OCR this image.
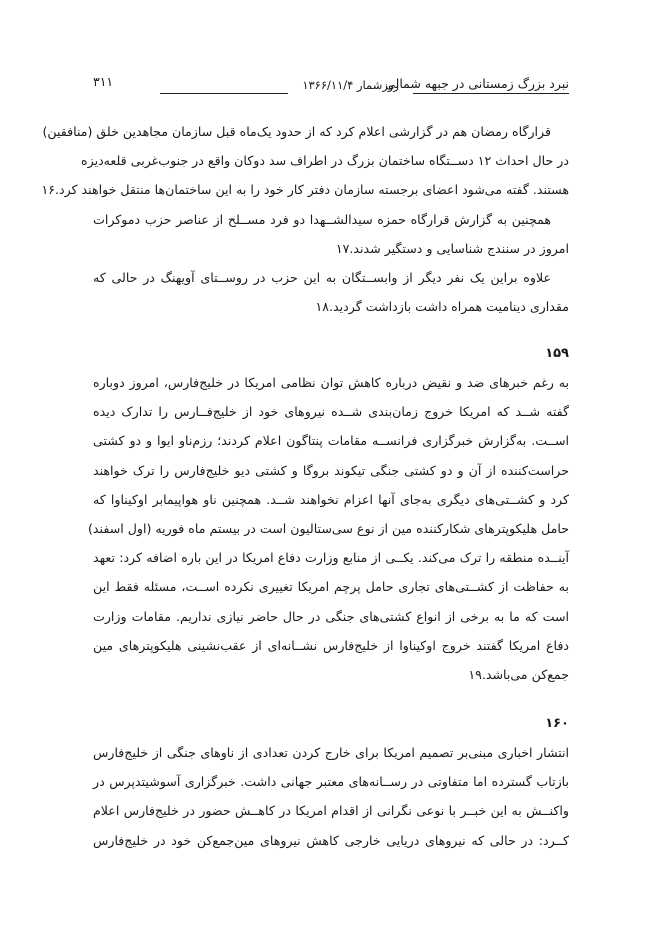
نبرد بزرگ زمستانی در جبهه شمالی
روزشمار ۱۳۶۶/۱۱/۴
۳۱۱
قرارگاه رمضان هم در گزارشی اعلام کرد که از حدود یک‌ماه قبل سازمان مجاهدین خلق (منافقین)
در حال احداث ۱۲ دســتگاه ساختمان بزرگ در اطراف سد دوکان واقع در جنوب‌غربی قلعه‌دیزه
هستند. گفته می‌شود اعضای برجسته سازمان دفتر کار خود را به این ساختمان‌ها منتقل خواهند کرد.۱۶
همچنین به گزارش قرارگاه حمزه سیدالشــهدا دو فرد مســلح از عناصر حزب دموکرات
امروز در سنندج شناسایی و دستگیر شدند.۱۷
علاوه براین یک نفر دیگر از وابســتگان به این حزب در روســتای آویهنگ در حالی که
مقداری دینامیت همراه داشت بازداشت گردید.۱۸
۱۵۹
به رغم خبرهای ضد و نقیض درباره کاهش توان نظامی امریکا در خلیج‌فارس، امروز دوباره
گفته شــد که امریکا خروج زمان‌بندی شــده نیروهای خود از خلیج‌فــارس را تدارک دیده
اســت. به‌گزارش خبرگزاری فرانســه مقامات پنتاگون اعلام کردند؛ رزم‌ناو ایوا و دو کشتی
حراست‌کننده از آن و دو کشتی جنگی تیکوند بروگا و کشتی دیو خلیج‌فارس را ترک خواهند
کرد و کشــتی‌های دیگری به‌جای آنها اعزام نخواهند شــد. همچنین ناو هواپیمابر اوکیناوا که
حامل هلیکوپترهای شکارکننده مین از نوع سی‌ستالیون است در بیستم ماه فوریه (اول اسفند)
آینــده منطقه را ترک می‌کند. یکــی از منابع وزارت دفاع امریکا در این باره اضافه کرد: تعهد
به حفاظت از کشــتی‌های تجاری حامل پرچم امریکا تغییری نکرده اســت، مسئله فقط این
است که ما به برخی از انواع کشتی‌های جنگی در حال حاضر نیازی نداریم. مقامات وزارت
دفاع امریکا گفتند خروج اوکیناوا از خلیج‌فارس نشــانه‌ای از عقب‌نشینی هلیکوپترهای مین
جمع‌کن می‌باشد.۱۹
۱۶۰
انتشار اخباری مبنی‌بر تصمیم امریکا برای خارج کردن تعدادی از ناوهای جنگی از خلیج‌فارس
بازتاب گسترده اما متفاوتی در رســانه‌های معتبر جهانی داشت. خبرگزاری آسوشیتدپرس در
واکنــش به این خبــر با نوعی نگرانی از اقدام امریکا در کاهــش حضور در خلیج‌فارس اعلام
کــرد: در حالی که نیروهای دریایی خارجی کاهش نیروهای مین‌جمع‌کن خود در خلیج‌فارس
